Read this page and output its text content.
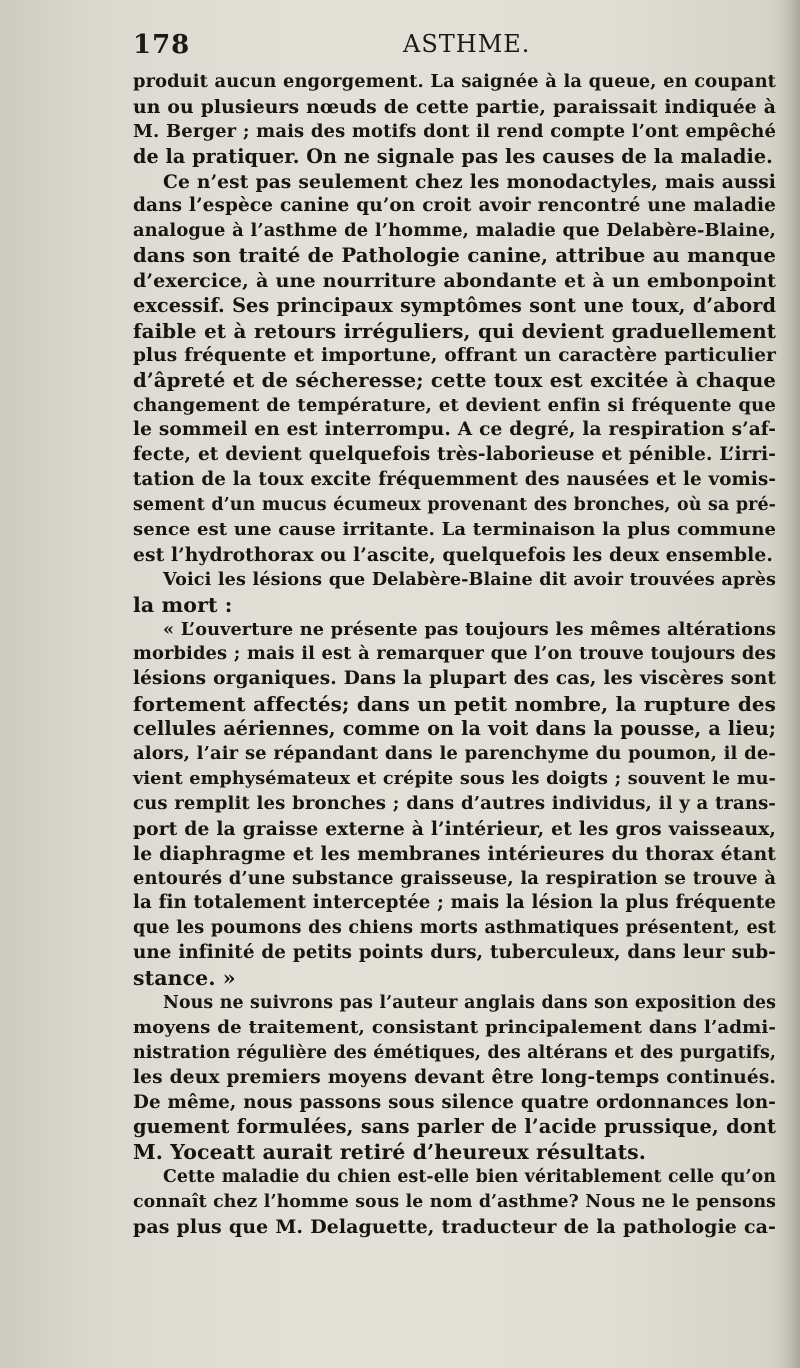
178	ASTHME.
produit aucun engorgement. La saignée à la queue, en coupant
un ou plusieurs nœuds de cette partie, paraissait indiquée à
M. Berger ; mais des motifs dont il rend compte l’ont empêché
de la pratiquer. On ne signale pas les causes de la maladie.
Ce n’est pas seulement chez les monodactyles, mais aussi
dans l’espèce canine qu’on croit avoir rencontré une maladie
analogue à l’asthme de l’homme, maladie que Delabère-Blaine,
dans son traité de Pathologie canine, attribue au manque
d’exercice, à une nourriture abondante et à un embonpoint
excessif. Ses principaux symptômes sont une toux, d’abord
faible et à retours irréguliers, qui devient graduellement
plus fréquente et importune, offrant un caractère particulier
d’âpreté et de sécheresse; cette toux est excitée à chaque
changement de température, et devient enfin si fréquente que
le sommeil en est interrompu. A ce degré, la respiration s’af-
fecte, et devient quelquefois très-laborieuse et pénible. L’irri-
tation de la toux excite fréquemment des nausées et le vomis-
sement d’un mucus écumeux provenant des bronches, où sa pré-
sence est une cause irritante. La terminaison la plus commune
est l’hydrothorax ou l’ascite, quelquefois les deux ensemble.
Voici les lésions que Delabère-Blaine dit avoir trouvées après
la mort :
« L’ouverture ne présente pas toujours les mêmes altérations
morbides ; mais il est à remarquer que l’on trouve toujours des
lésions organiques. Dans la plupart des cas, les viscères sont
fortement affectés; dans un petit nombre, la rupture des
cellules aériennes, comme on la voit dans la pousse, a lieu;
alors, l’air se répandant dans le parenchyme du poumon, il de-
vient emphysémateux et crépite sous les doigts ; souvent le mu-
cus remplit les bronches ; dans d’autres individus, il y a trans-
port de la graisse externe à l’intérieur, et les gros vaisseaux,
le diaphragme et les membranes intérieures du thorax étant
entourés d’une substance graisseuse, la respiration se trouve à
la fin totalement interceptée ; mais la lésion la plus fréquente
que les poumons des chiens morts asthmatiques présentent, est
une infinité de petits points durs, tuberculeux, dans leur sub-
stance. »
Nous ne suivrons pas l’auteur anglais dans son exposition des
moyens de traitement, consistant principalement dans l’admi-
nistration régulière des émétiques, des altérans et des purgatifs,
les deux premiers moyens devant être long-temps continués.
De même, nous passons sous silence quatre ordonnances lon-
guement formulées, sans parler de l’acide prussique, dont
M. Yoceatt aurait retiré d’heureux résultats.
Cette maladie du chien est-elle bien véritablement celle qu’on
connaît chez l’homme sous le nom d’asthme? Nous ne le pensons
pas plus que M. Delaguette, traducteur de la pathologie ca-
